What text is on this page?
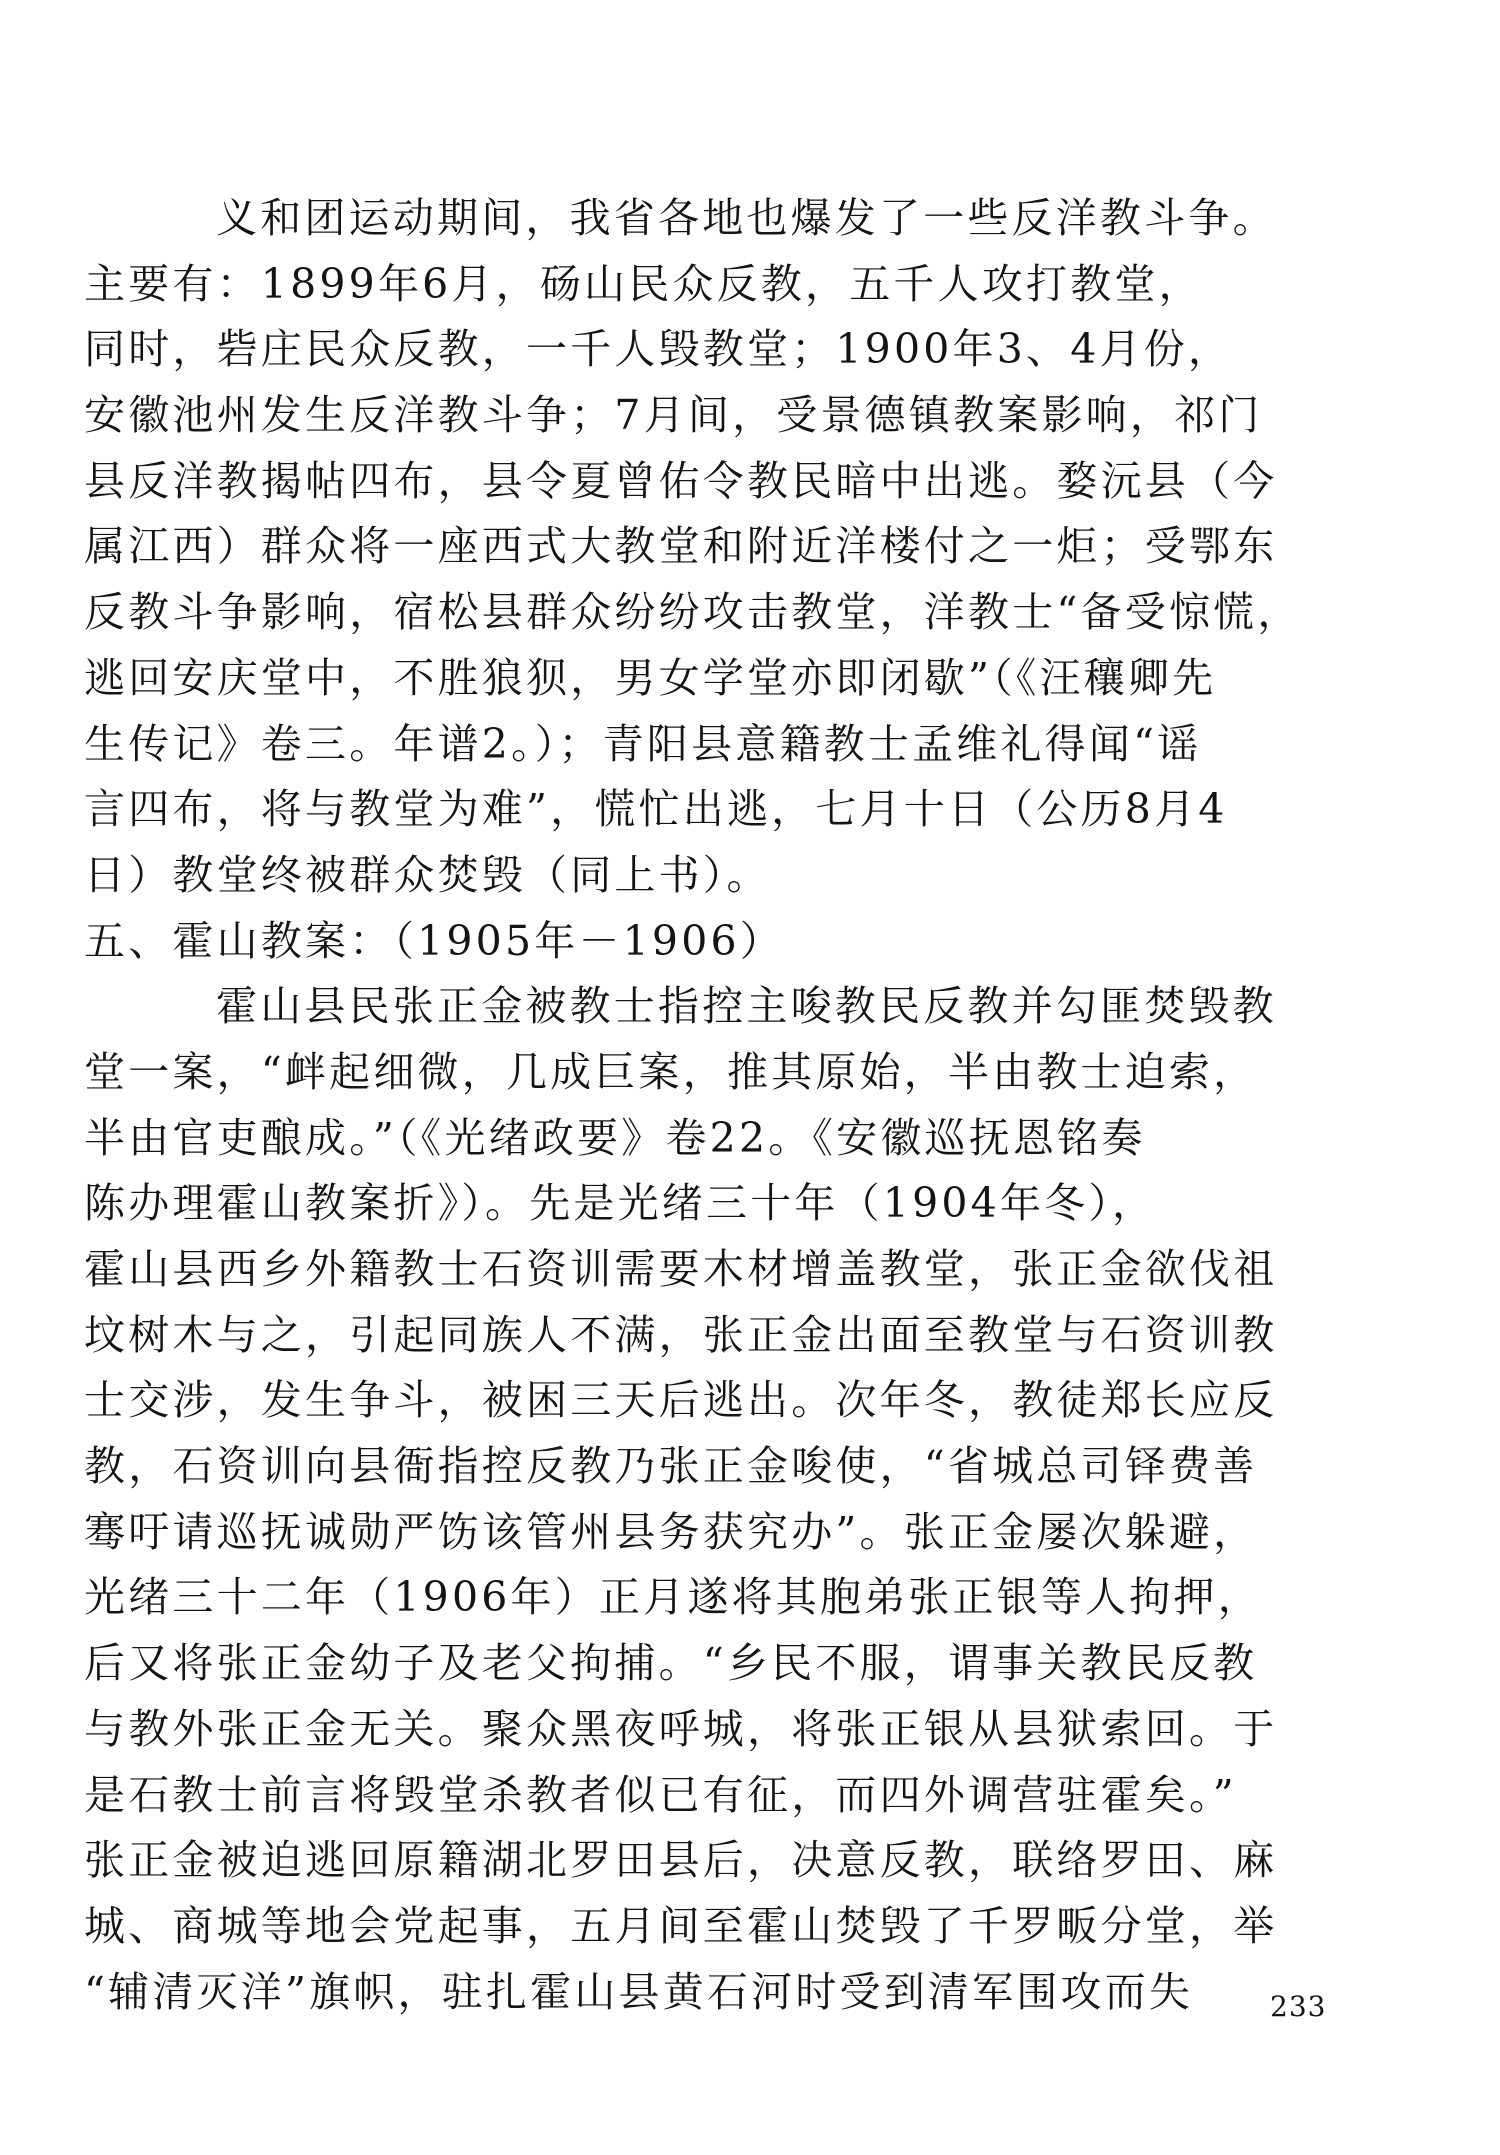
义和团运动期间，我省各地也爆发了一些反洋教斗争。
主要有：1899年6月，砀山民众反教，五千人攻打教堂，
同时，砦庄民众反教，一千人毁教堂；1900年3、4月份，
安徽池州发生反洋教斗争；7月间，受景德镇教案影响，祁门
县反洋教揭帖四布，县令夏曾佑令教民暗中出逃。婺沅县（今
属江西）群众将一座西式大教堂和附近洋楼付之一炬；受鄂东
反教斗争影响，宿松县群众纷纷攻击教堂，洋教士“备受惊慌，
逃回安庆堂中，不胜狼狈，男女学堂亦即闭歇”（《汪穰卿先
生传记》卷三。年谱2。）；青阳县意籍教士孟维礼得闻“谣
言四布，将与教堂为难”，慌忙出逃，七月十日（公历8月4
日）教堂终被群众焚毁（同上书）。
五、霍山教案：（1905年－1906）
霍山县民张正金被教士指控主唆教民反教并勾匪焚毁教
堂一案，“衅起细微，几成巨案，推其原始，半由教士迫索，
半由官吏酿成。”（《光绪政要》卷22。《安徽巡抚恩铭奏
陈办理霍山教案折》）。先是光绪三十年（1904年冬），
霍山县西乡外籍教士石资训需要木材增盖教堂，张正金欲伐祖
坟树木与之，引起同族人不满，张正金出面至教堂与石资训教
士交涉，发生争斗，被困三天后逃出。次年冬，教徒郑长应反
教，石资训向县衙指控反教乃张正金唆使，“省城总司铎费善
骞吁请巡抚诚勋严饬该管州县务获究办”。张正金屡次躲避，
光绪三十二年（1906年）正月遂将其胞弟张正银等人拘押，
后又将张正金幼子及老父拘捕。“乡民不服，谓事关教民反教
与教外张正金无关。聚众黑夜呼城，将张正银从县狱索回。于
是石教士前言将毁堂杀教者似已有征，而四外调营驻霍矣。”
张正金被迫逃回原籍湖北罗田县后，决意反教，联络罗田、麻
城、商城等地会党起事，五月间至霍山焚毁了千罗畈分堂，举
“辅清灭洋”旗帜，驻扎霍山县黄石河时受到清军围攻而失	233
